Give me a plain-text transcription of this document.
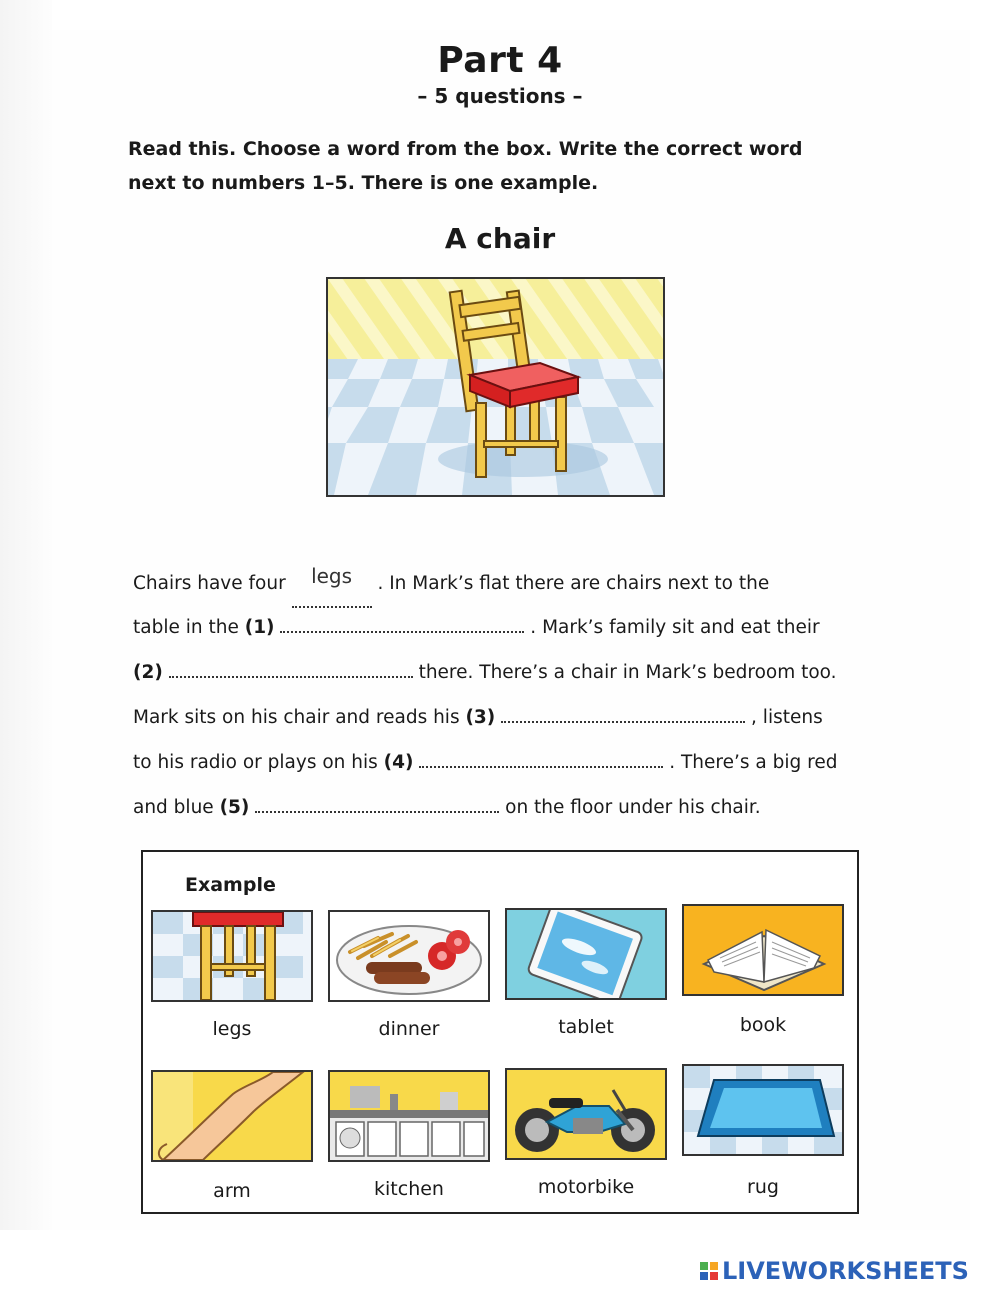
Part 4
– 5 questions –
Read this. Choose a word from the box. Write the correct word next to numbers 1–5. There is one example.
A chair
Chairs have four legs . In Mark’s flat there are chairs next to the
table in the (1)	. Mark’s family sit and eat their
(2)	there. There’s a chair in Mark’s bedroom too.
Mark sits on his chair and reads his (3)	, listens
to his radio or plays on his (4)	. There’s a big red
and blue (5)	on the floor under his chair.
Example
legs	dinner	tablet	book
arm	kitchen	motorbike	rug
LIVEWORKSHEETS
